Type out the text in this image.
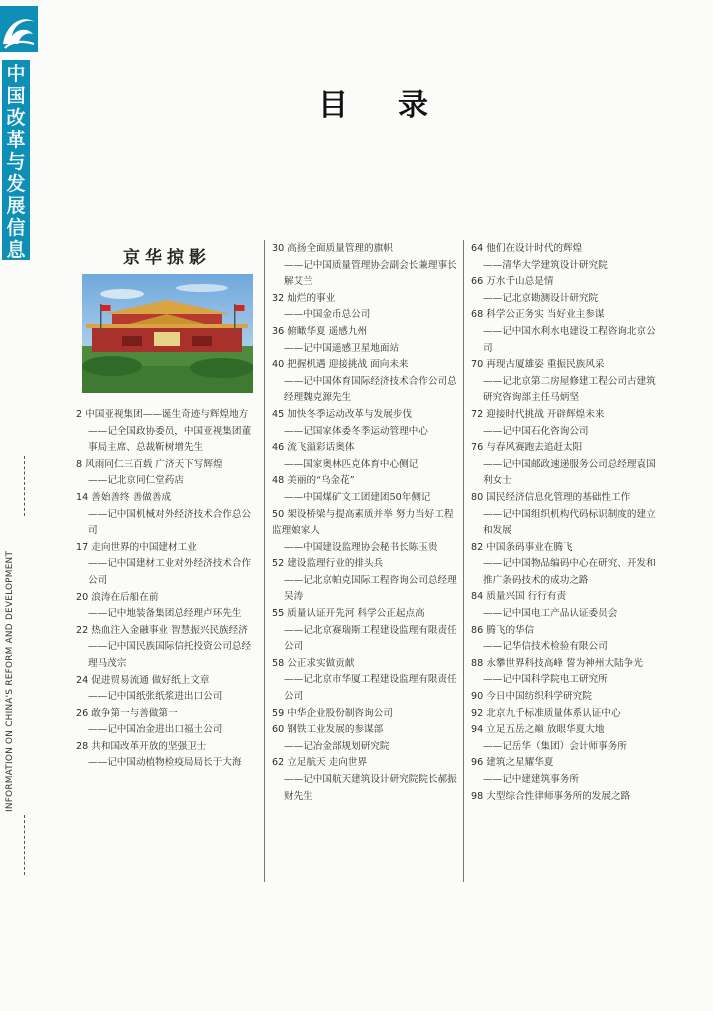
中
国
改
革
与
发
展
信
息
INFORMATION ON CHINA'S REFORM AND DEVELOPMENT
目录
京华掠影
2 中国亚视集团——诞生奇迹与辉煌地方
——记全国政协委员，中国亚视集团董事局主席、总裁靳树增先生
8 风雨同仁三百载 广济天下写辉煌
——记北京同仁堂药店
14 善始善终 善做善成
——记中国机械对外经济技术合作总公司
17 走向世界的中国建材工业
——记中国建材工业对外经济技术合作公司
20 浪涛在后船在前
——记中地装备集团总经理卢环先生
22 热血注入金融事业 智慧振兴民族经济
——记中国民族国际信托投资公司总经理马茂宗
24 促进贸易流通 做好纸上文章
——记中国纸张纸浆进出口公司
26 敢争第一与善做第一
——记中国冶金进出口福土公司
28 共和国改革开放的坚强卫士
——记中国动植物检疫局局长于大海
30 高扬全面质量管理的旗帜
——记中国质量管理协会副会长兼理事长解艾兰
32 灿烂的事业
——中国金币总公司
36 俯瞰华夏 遥感九州
——记中国遥感卫星地面站
40 把握机遇 迎接挑战 面向未来
——记中国体育国际经济技术合作公司总经理魏克源先生
45 加快冬季运动改革与发展步伐
——记国家体委冬季运动管理中心
46 流飞溢彩话奥体
——国家奥林匹克体育中心侧记
48 美丽的“乌金花”
——中国煤矿文工团建团50年侧记
50 架设桥梁与提高素质并举 努力当好工程监理娘家人
——中国建设监理协会秘书长陈玉贵
52 建设监理行业的排头兵
——记北京帕克国际工程咨询公司总经理吴涛
55 质量认证开先河 科学公正起点高
——记北京赛瑞斯工程建设监理有限责任公司
58 公正求实做贡献
——记北京市华厦工程建设监理有限责任公司
59 中华企业股份制咨询公司
60 钢铁工业发展的参谋部
——记冶金部规划研究院
62 立足航天 走向世界
——记中国航天建筑设计研究院院长郝振财先生
64 他们在设计时代的辉煌
——清华大学建筑设计研究院
66 万水千山总是情
——记北京勘测设计研究院
68 科学公正务实 当好业主参谋
——记中国水利水电建设工程咨询北京公司
70 再现古厦雄姿 重振民族风采
——记北京第二房屋修建工程公司古建筑研究咨询部主任马炳坚
72 迎接时代挑战 开辟辉煌未来
——记中国石化咨询公司
76 与春风赛跑去追赶太阳
——记中国邮政速递服务公司总经理袁国利女士
80 国民经济信息化管理的基础性工作
——记中国组织机构代码标识制度的建立和发展
82 中国条码事业在腾飞
——记中国物品编码中心在研究、开发和推广条码技术的成功之路
84 质量兴国 行行有责
——记中国电工产品认证委员会
86 腾飞的华信
——记华信技术检验有限公司
88 永攀世界科技高峰 誓为神州大陆争光
——记中国科学院电工研究所
90 今日中国纺织科学研究院
92 北京九千标准质量体系认证中心
94 立足五岳之巅 放眼华夏大地
——记岳华（集团）会计师事务所
96 建筑之星耀华夏
——记中建建筑事务所
98 大型综合性律师事务所的发展之路
